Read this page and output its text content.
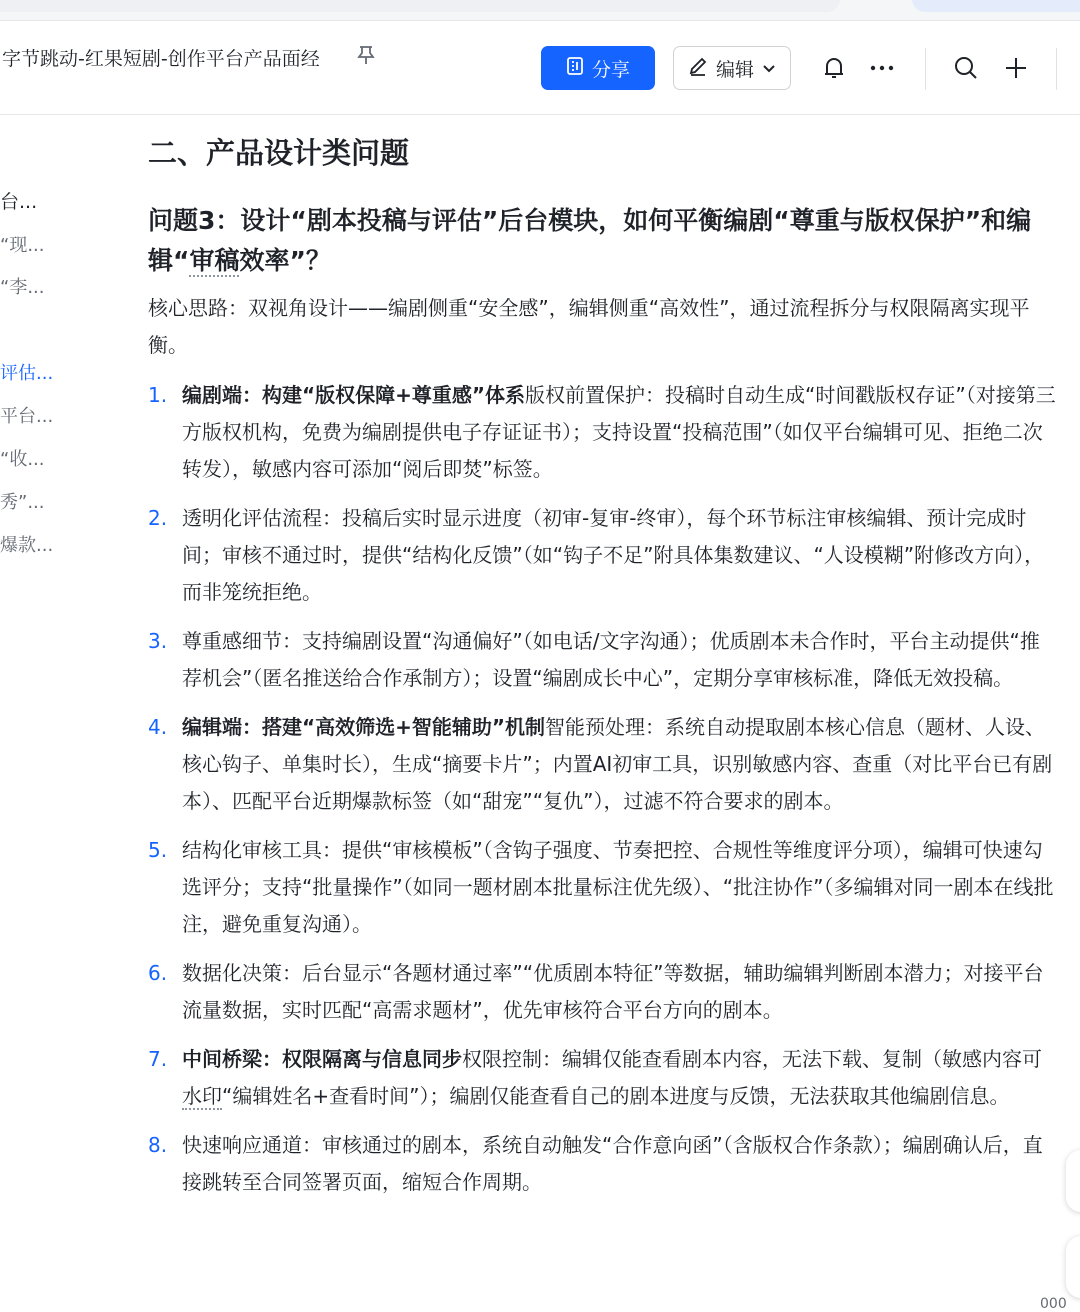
字节跳动-红果短剧-创作平台产品面经	分享	编辑
台...
“现...
“李...
评估...
平台...
“收...
秀”...
爆款...
二、产品设计类问题
问题3：设计“剧本投稿与评估”后台模块，如何平衡编剧“尊重与版权保护”和编辑“审稿效率”？
核心思路：双视角设计——编剧侧重“安全感”，编辑侧重“高效性”，通过流程拆分与权限隔离实现平衡。
1. 编剧端：构建“版权保障+尊重感”体系版权前置保护：投稿时自动生成“时间戳版权存证”（对接第三方版权机构，免费为编剧提供电子存证证书）；支持设置“投稿范围”（如仅平台编辑可见、拒绝二次转发），敏感内容可添加“阅后即焚”标签。
2. 透明化评估流程：投稿后实时显示进度（初审-复审-终审），每个环节标注审核编辑、预计完成时间；审核不通过时，提供“结构化反馈”（如“钩子不足”附具体集数建议、“人设模糊”附修改方向），而非笼统拒绝。
3. 尊重感细节：支持编剧设置“沟通偏好”（如电话/文字沟通）；优质剧本未合作时，平台主动提供“推荐机会”（匿名推送给合作承制方）；设置“编剧成长中心”，定期分享审核标准，降低无效投稿。
4. 编辑端：搭建“高效筛选+智能辅助”机制智能预处理：系统自动提取剧本核心信息（题材、人设、核心钩子、单集时长），生成“摘要卡片”；内置AI初审工具，识别敏感内容、查重（对比平台已有剧本）、匹配平台近期爆款标签（如“甜宠”“复仇”），过滤不符合要求的剧本。
5. 结构化审核工具：提供“审核模板”（含钩子强度、节奏把控、合规性等维度评分项），编辑可快速勾选评分；支持“批量操作”（如同一题材剧本批量标注优先级）、“批注协作”（多编辑对同一剧本在线批注，避免重复沟通）。
6. 数据化决策：后台显示“各题材通过率”“优质剧本特征”等数据，辅助编辑判断剧本潜力；对接平台流量数据，实时匹配“高需求题材”，优先审核符合平台方向的剧本。
7. 中间桥梁：权限隔离与信息同步权限控制：编辑仅能查看剧本内容，无法下载、复制（敏感内容可水印“编辑姓名+查看时间”）；编剧仅能查看自己的剧本进度与反馈，无法获取其他编剧信息。
8. 快速响应通道：审核通过的剧本，系统自动触发“合作意向函”（含版权合作条款）；编剧确认后，直接跳转至合同签署页面，缩短合作周期。
000
